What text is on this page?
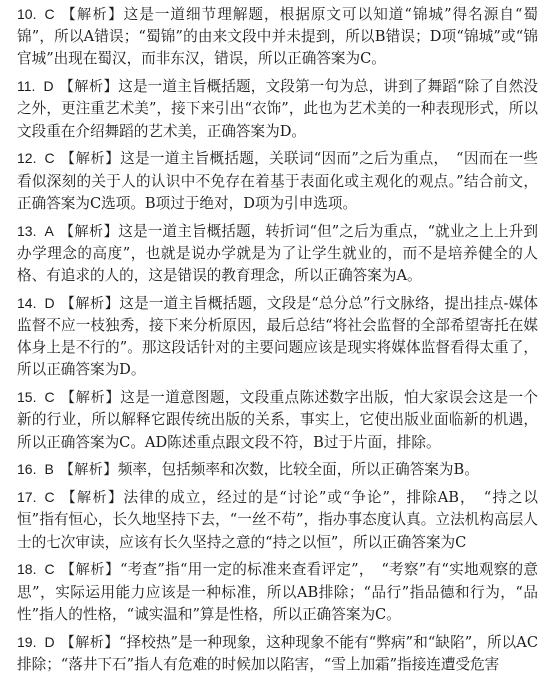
10. C 【解析】这是一道细节理解题，根据原文可以知道“锦城”得名源自“蜀锦”，所以A错误；“蜀锦”的由来文段中并未提到，所以B错误；D项“锦城”或“锦官城”出现在蜀汉，而非东汉，错误，所以正确答案为C。

11. D 【解析】这是一道主旨概括题，文段第一句为总，讲到了舞蹈“除了自然没之外，更注重艺术美”，接下来引出“衣饰”，此也为艺术美的一种表现形式，所以文段重在介绍舞蹈的艺术美，正确答案为D。

12. C 【解析】这是一道主旨概括题，关联词“因而”之后为重点，　“因而在一些看似深刻的关于人的认识中不免存在着基于表面化或主观化的观点。”结合前文，正确答案为C选项。B项过于绝对，D项为引申选项。

13. A 【解析】这是一道主旨概括题，转折词“但”之后为重点，“就业之上上升到办学理念的高度”，也就是说办学就是为了让学生就业的，而不是培养健全的人格、有追求的人的，这是错误的教育理念，所以正确答案为A。

14. D 【解析】这是一道主旨概括题，文段是“总分总”行文脉络，提出挂点-媒体监督不应一枝独秀，接下来分析原因，最后总结“将社会监督的全部希望寄托在媒体身上是不行的”。那这段话针对的主要问题应该是现实将媒体监督看得太重了，所以正确答案为D。

15. C 【解析】这是一道意图题，文段重点陈述数字出版，怕大家误会这是一个新的行业，所以解释它跟传统出版的关系，事实上，它使出版业面临新的机遇，所以正确答案为C。AD陈述重点跟文段不符，B过于片面，排除。

16. B 【解析】频率，包括频率和次数，比较全面，所以正确答案为B。

17. C 【解析】法律的成立，经过的是“讨论”或“争论”，排除AB，　“持之以恒”指有恒心，长久地坚持下去，“一丝不苟”，指办事态度认真。立法机构高层人士的七次审读，应该有长久坚持之意的“持之以恒”，所以正确答案为C

18. C 【解析】“考查”指“用一定的标准来查看评定”，　“考察”有“实地观察的意思”，实际运用能力应该是一种标准，所以AB排除；“品行”指品德和行为，“品性”指人的性格，“诚实温和”算是性格，所以正确答案为C。

19. D 【解析】“择校热”是一种现象，这种现象不能有“弊病”和“缺陷”，所以AC排除；“落井下石”指人有危难的时候加以陷害，“雪上加霜”指接连遭受危害
